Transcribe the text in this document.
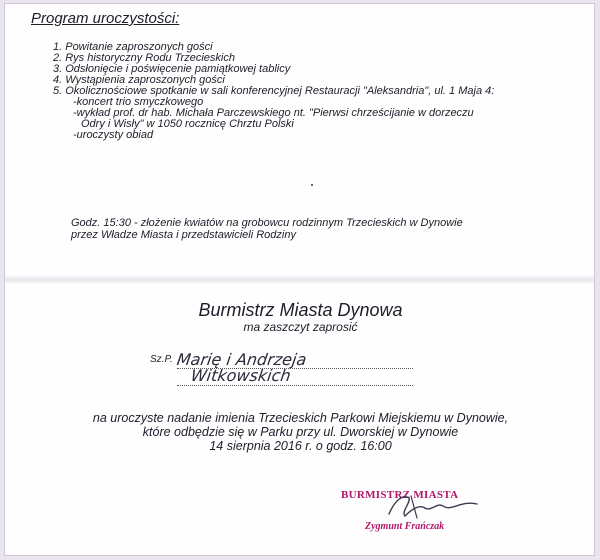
Program uroczystości:
1. Powitanie zaproszonych gości
2. Rys historyczny Rodu Trzecieskich
3. Odsłonięcie i poświęcenie pamiątkowej tablicy
4. Wystąpienia zaproszonych gości
5. Okolicznościowe spotkanie w sali konferencyjnej Restauracji "Aleksandria", ul. 1 Maja 4:
-koncert trio smyczkowego
-wykład prof. dr hab. Michała Parczewskiego nt. "Pierwsi chrześcijanie w dorzeczu
Odry i Wisły" w 1050 rocznicę Chrztu Polski
-uroczysty obiad
Godz. 15:30 - złożenie kwiatów na grobowcu rodzinnym Trzecieskich w Dynowie
przez Władze Miasta i przedstawicieli Rodziny
Burmistrz Miasta Dynowa
ma zaszczyt zaprosić
Sz.P. Marię i Andrzeja
Witkowskich
na uroczyste nadanie imienia Trzecieskich Parkowi Miejskiemu w Dynowie,
które odbędzie się w Parku przy ul. Dworskiej w Dynowie
14 sierpnia 2016 r. o godz. 16:00
BURMISTRZ MIASTA
Zygmunt Frańczak
